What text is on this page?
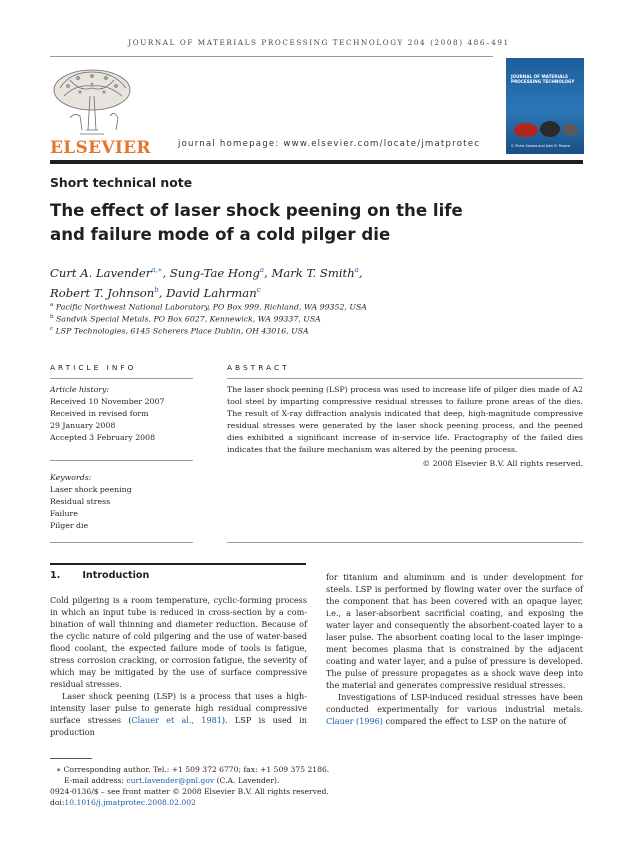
JOURNAL OF MATERIALS PROCESSING TECHNOLOGY 204 (2008) 486–491
ELSEVIER	journal homepage: www.elsevier.com/locate/jmatprotec
JOURNAL OF MATERIALS PROCESSING TECHNOLOGY
S. Pinho Santos and John R. Pearce
Short technical note
The effect of laser shock peening on the life
and failure mode of a cold pilger die
Curt A. Lavender$^{a,∗}$, Sung-Tae Hong$^a$, Mark T. Smith$^a$,
Robert T. Johnson$^b$, David Lahrman$^c$
$^a$ Pacific Northwest National Laboratory, PO Box 999, Richland, WA 99352, USA
$^b$ Sandvik Special Metals, PO Box 6027, Kennewick, WA 99337, USA
$^c$ LSP Technologies, 6145 Scherers Place Dublin, OH 43016, USA
ARTICLE INFO
Article history:
Received 10 November 2007
Received in revised form
29 January 2008
Accepted 3 February 2008
Keywords:
Laser shock peening
Residual stress
Failure
Pilger die
ABSTRACT
The laser shock peening (LSP) process was used to increase life of pilger dies made of A2 tool steel by imparting compressive residual stresses to failure prone areas of the dies. The result of X-ray diffraction analysis indicated that deep, high-magnitude compressive residual stresses were generated by the laser shock peening process, and the peened dies exhibited a significant increase of in-service life. Fractography of the failed dies indicates that the failure mechanism was altered by the peening process.
© 2008 Elsevier B.V. All rights reserved.
1. Introduction

Cold pilgering is a room temperature, cyclic-forming process in which an input tube is reduced in cross-section by a com-bination of wall thinning and diameter reduction. Because of the cyclic nature of cold pilgering and the use of water-based flood coolant, the expected failure mode of tools is fatigue, stress corrosion cracking, or corrosion fatigue, the severity of which may be mitigated by the use of surface compressive residual stresses.

Laser shock peening (LSP) is a process that uses a high-intensity laser pulse to generate high residual compressive surface stresses (Clauer et al., 1981). LSP is used in production

for titanium and aluminum and is under development for steels. LSP is performed by flowing water over the surface of the component that has been covered with an opaque layer, i.e., a laser-absorbent sacrificial coating, and exposing the water layer and consequently the absorbent-coated layer to a laser pulse. The absorbent coating local to the laser impinge-ment becomes plasma that is constrained by the adjacent coating and water layer, and a pulse of pressure is developed. The pulse of pressure propagates as a shock wave deep into the material and generates compressive residual stresses.

Investigations of LSP-induced residual stresses have been conducted experimentally for various industrial metals. Clauer (1996) compared the effect to LSP on the nature of

∗ Corresponding author. Tel.: +1 509 372 6770; fax: +1 509 375 2186.
E-mail address: curt.lavender@pnl.gov (C.A. Lavender).
0924-0136/$ – see front matter © 2008 Elsevier B.V. All rights reserved.
doi:10.1016/j.jmatprotec.2008.02.002
